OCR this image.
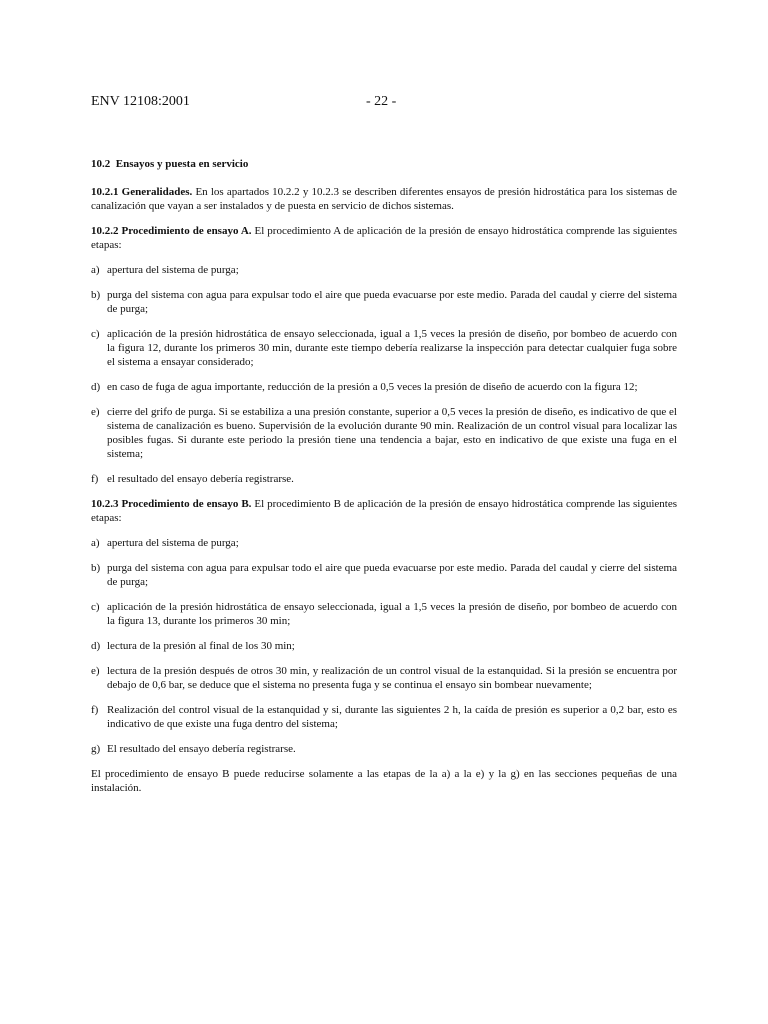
ENV 12108:2001	- 22 -

10.2 Ensayos y puesta en servicio

10.2.1 Generalidades. En los apartados 10.2.2 y 10.2.3 se describen diferentes ensayos de presión hidrostática para los sistemas de canalización que vayan a ser instalados y de puesta en servicio de dichos sistemas.

10.2.2 Procedimiento de ensayo A. El procedimiento A de aplicación de la presión de ensayo hidrostática comprende las siguientes etapas:

a) apertura del sistema de purga;
b) purga del sistema con agua para expulsar todo el aire que pueda evacuarse por este medio. Parada del caudal y cierre del sistema de purga;
c) aplicación de la presión hidrostática de ensayo seleccionada, igual a 1,5 veces la presión de diseño, por bombeo de acuerdo con la figura 12, durante los primeros 30 min, durante este tiempo debería realizarse la inspección para detectar cualquier fuga sobre el sistema a ensayar considerado;
d) en caso de fuga de agua importante, reducción de la presión a 0,5 veces la presión de diseño de acuerdo con la figura 12;
e) cierre del grifo de purga. Si se estabiliza a una presión constante, superior a 0,5 veces la presión de diseño, es indicativo de que el sistema de canalización es bueno. Supervisión de la evolución durante 90 min. Realización de un control visual para localizar las posibles fugas. Si durante este periodo la presión tiene una tendencia a bajar, esto en indicativo de que existe una fuga en el sistema;
f) el resultado del ensayo debería registrarse.

10.2.3 Procedimiento de ensayo B. El procedimiento B de aplicación de la presión de ensayo hidrostática comprende las siguientes etapas:

a) apertura del sistema de purga;
b) purga del sistema con agua para expulsar todo el aire que pueda evacuarse por este medio. Parada del caudal y cierre del sistema de purga;
c) aplicación de la presión hidrostática de ensayo seleccionada, igual a 1,5 veces la presión de diseño, por bombeo de acuerdo con la figura 13, durante los primeros 30 min;
d) lectura de la presión al final de los 30 min;
e) lectura de la presión después de otros 30 min, y realización de un control visual de la estanquidad. Si la presión se encuentra por debajo de 0,6 bar, se deduce que el sistema no presenta fuga y se continua el ensayo sin bombear nuevamente;
f) Realización del control visual de la estanquidad y si, durante las siguientes 2 h, la caída de presión es superior a 0,2 bar, esto es indicativo de que existe una fuga dentro del sistema;
g) El resultado del ensayo debería registrarse.

El procedimiento de ensayo B puede reducirse solamente a las etapas de la a) a la e) y la g) en las secciones pequeñas de una instalación.
